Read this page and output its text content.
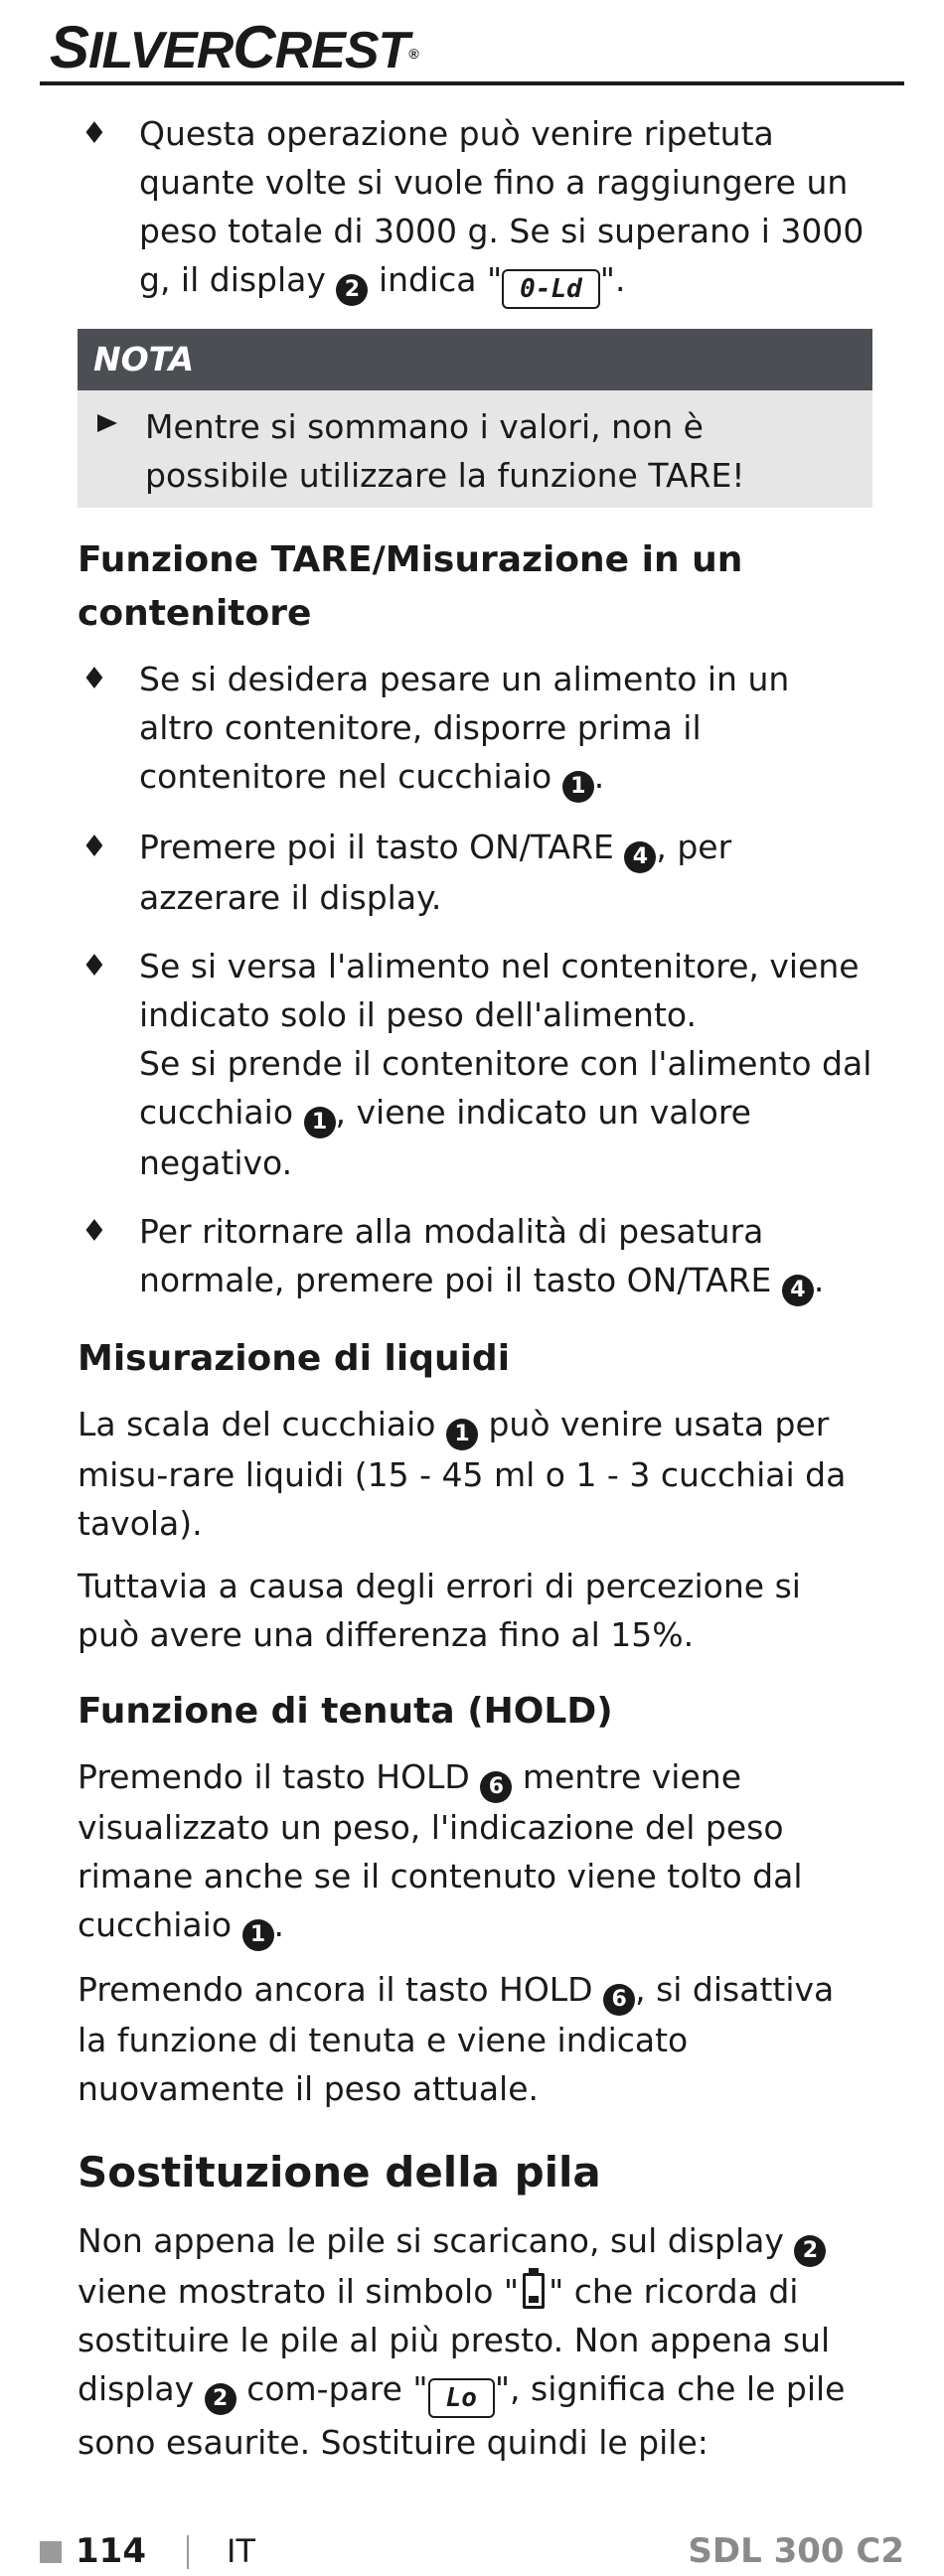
SILVERCREST®
♦ Questa operazione può venire ripetuta quante volte si vuole fino a raggiungere un peso totale di 3000 g. Se si superano i 3000 g, il display 2 indica " 0-Ld ".
NOTA
Mentre si sommano i valori, non è possibile utilizzare la funzione TARE!
Funzione TARE/Misurazione in un contenitore
♦ Se si desidera pesare un alimento in un altro contenitore, disporre prima il contenitore nel cucchiaio 1 .
♦ Premere poi il tasto ON/TARE 4 , per azzerare il display.
♦ Se si versa l'alimento nel contenitore, viene indicato solo il peso dell'alimento.
Se si prende il contenitore con l'alimento dal cucchiaio 1 , viene indicato un valore negativo.
♦ Per ritornare alla modalità di pesatura normale, premere poi il tasto ON/TARE 4 .
Misurazione di liquidi
La scala del cucchiaio 1 può venire usata per misu-rare liquidi (15 - 45 ml o 1 - 3 cucchiai da tavola).
Tuttavia a causa degli errori di percezione si può avere una differenza fino al 15%.
Funzione di tenuta (HOLD)
Premendo il tasto HOLD 6 mentre viene visualizzato un peso, l'indicazione del peso rimane anche se il contenuto viene tolto dal cucchiaio 1 .
Premendo ancora il tasto HOLD 6 , si disattiva la funzione di tenuta e viene indicato nuovamente il peso attuale.
Sostituzione della pila
Non appena le pile si scaricano, sul display 2 viene mostrato il simbolo " " che ricorda di sostituire le pile al più presto. Non appena sul display 2 com-pare " Lo ", significa che le pile sono esaurite. Sostituire quindi le pile:
114	IT	SDL 300 C2
